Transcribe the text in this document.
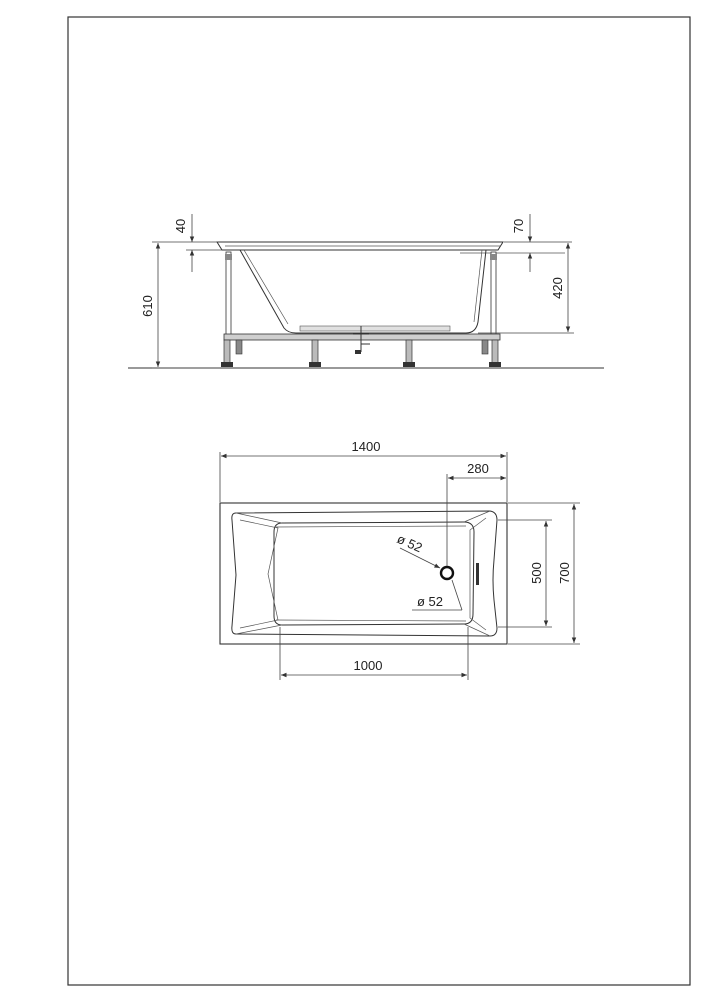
610
40	70
420
ø 52
ø 52
1400
280
1000
500 700
